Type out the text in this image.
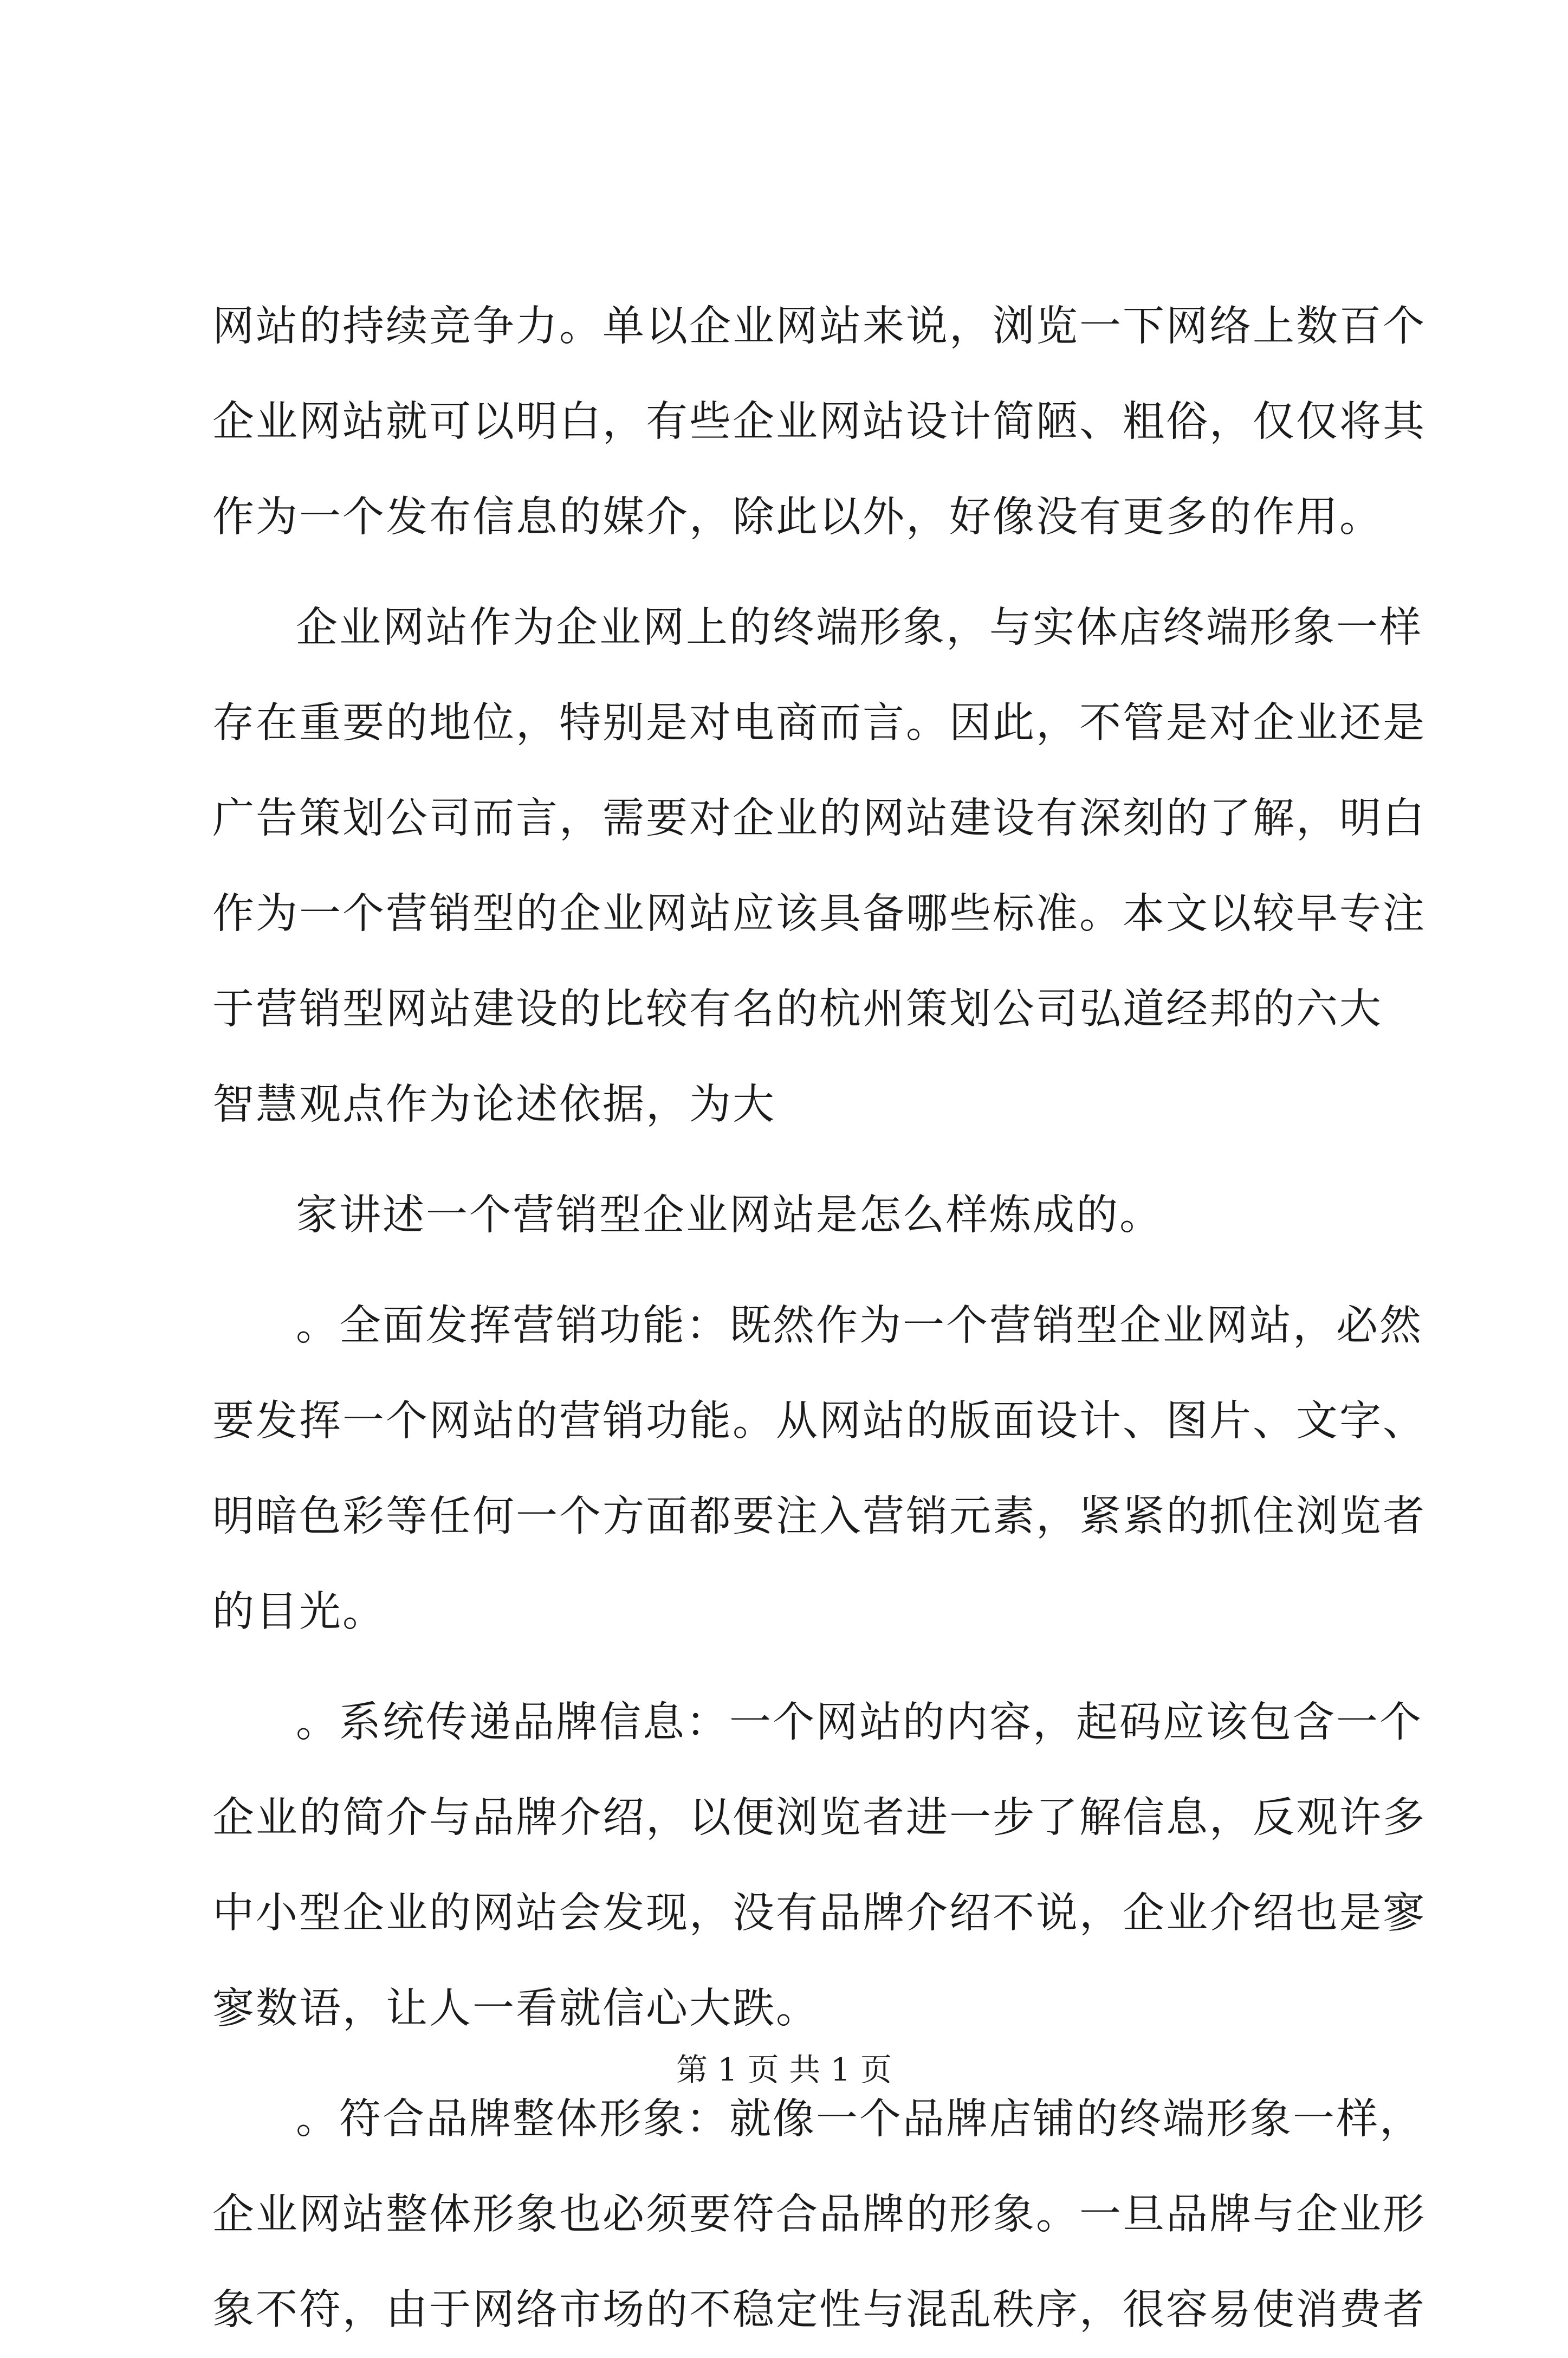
网站的持续竞争力。单以企业网站来说，浏览一下网络上数百个
企业网站就可以明白，有些企业网站设计简陋、粗俗，仅仅将其
作为一个发布信息的媒介，除此以外，好像没有更多的作用。
企业网站作为企业网上的终端形象，与实体店终端形象一样
存在重要的地位，特别是对电商而言。因此，不管是对企业还是
广告策划公司而言，需要对企业的网站建设有深刻的了解，明白
作为一个营销型的企业网站应该具备哪些标准。本文以较早专注
于营销型网站建设的比较有名的杭州策划公司弘道经邦的六大
智慧观点作为论述依据，为大
家讲述一个营销型企业网站是怎么样炼成的。
。全面发挥营销功能：既然作为一个营销型企业网站，必然
要发挥一个网站的营销功能。从网站的版面设计、图片、文字、
明暗色彩等任何一个方面都要注入营销元素，紧紧的抓住浏览者
的目光。
。系统传递品牌信息：一个网站的内容，起码应该包含一个
企业的简介与品牌介绍，以便浏览者进一步了解信息，反观许多
中小型企业的网站会发现，没有品牌介绍不说，企业介绍也是寥
寥数语，让人一看就信心大跌。
。符合品牌整体形象：就像一个品牌店铺的终端形象一样，
企业网站整体形象也必须要符合品牌的形象。一旦品牌与企业形
象不符，由于网络市场的不稳定性与混乱秩序，很容易使消费者
第 1 页 共 1 页
